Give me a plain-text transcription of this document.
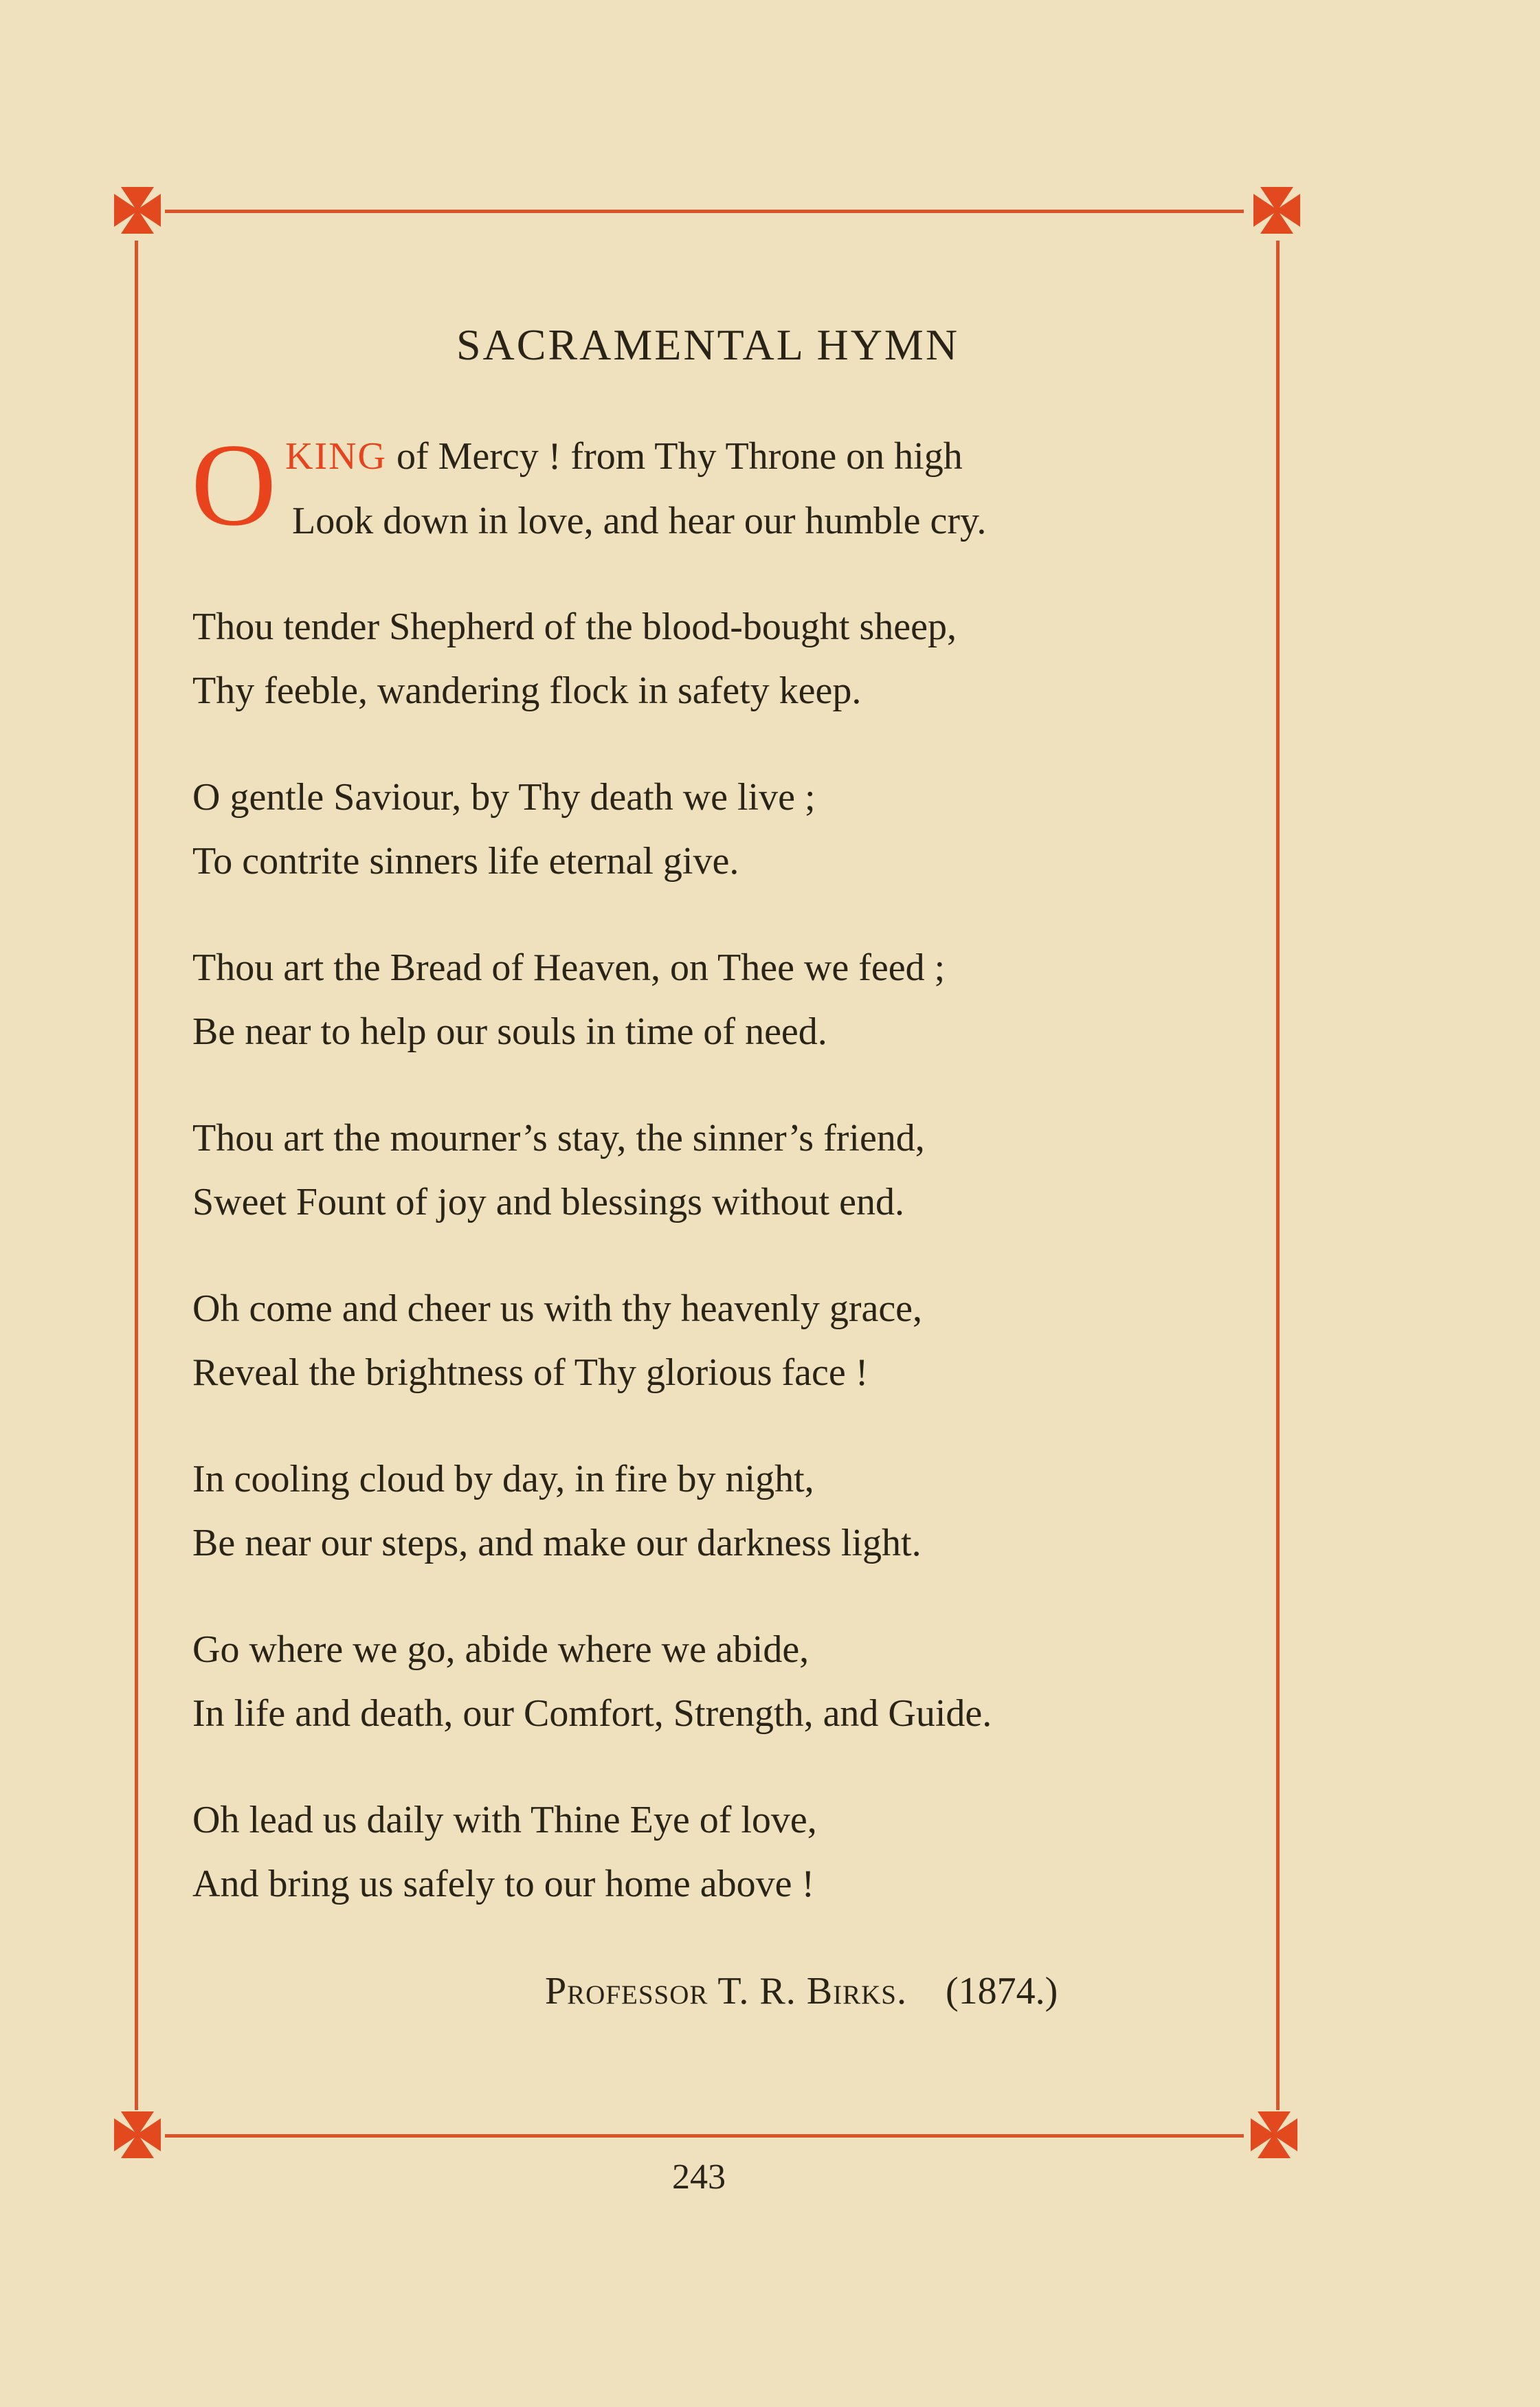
SACRAMENTAL HYMN
O KING of Mercy ! from Thy Throne on high
Look down in love, and hear our humble cry.
Thou tender Shepherd of the blood-bought sheep,
Thy feeble, wandering flock in safety keep.
O gentle Saviour, by Thy death we live ;
To contrite sinners life eternal give.
Thou art the Bread of Heaven, on Thee we feed ;
Be near to help our souls in time of need.
Thou art the mourner’s stay, the sinner’s friend,
Sweet Fount of joy and blessings without end.
Oh come and cheer us with thy heavenly grace,
Reveal the brightness of Thy glorious face !
In cooling cloud by day, in fire by night,
Be near our steps, and make our darkness light.
Go where we go, abide where we abide,
In life and death, our Comfort, Strength, and Guide.
Oh lead us daily with Thine Eye of love,
And bring us safely to our home above !
Professor T. R. Birks. (1874.)
243
